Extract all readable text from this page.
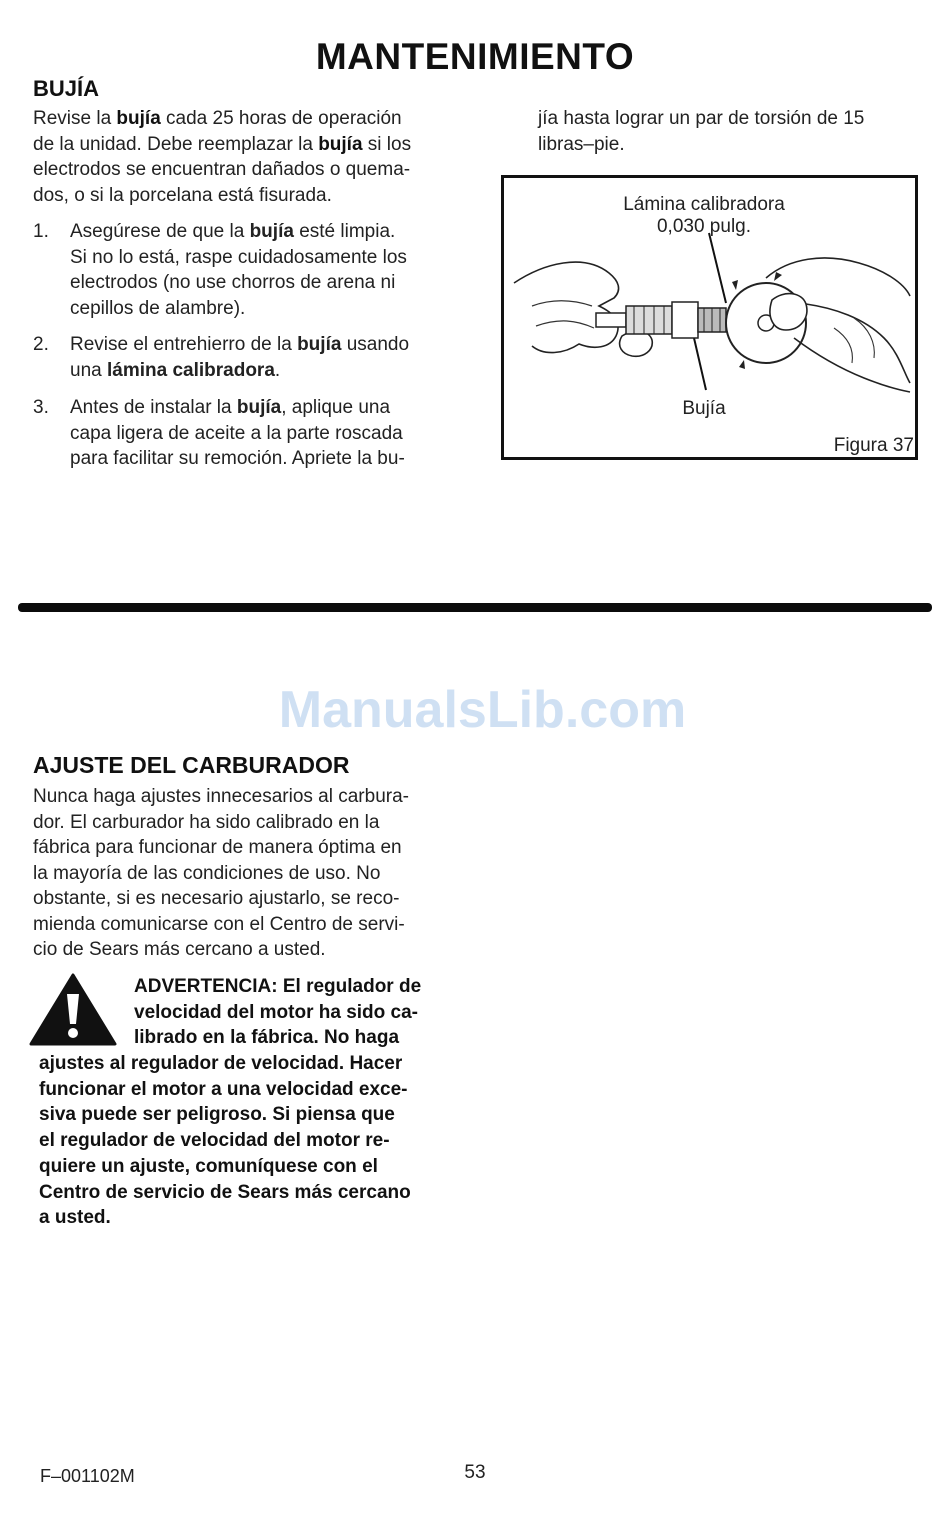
MANTENIMIENTO
BUJÍA
Revise la bujía cada 25 horas de operación
de la unidad. Debe reemplazar la bujía si los
electrodos se encuentran dañados o quema-
dos, o si la porcelana está fisurada.
1. Asegúrese de que la bujía esté limpia.
Si no lo está, raspe cuidadosamente los
electrodos (no use chorros de arena ni
cepillos de alambre).
2. Revise el entrehierro de la bujía usando
una lámina calibradora.
3. Antes de instalar la bujía, aplique una
capa ligera de aceite a la parte roscada
para facilitar su remoción. Apriete la bu-
jía hasta lograr un par de torsión de 15
libras–pie.
Lámina calibradora
0,030 pulg.
Bujía
Figura 37
ManualsLib.com
AJUSTE DEL CARBURADOR
Nunca haga ajustes innecesarios al carbura-
dor. El carburador ha sido calibrado en la
fábrica para funcionar de manera óptima en
la mayoría de las condiciones de uso. No
obstante, si es necesario ajustarlo, se reco-
mienda comunicarse con el Centro de servi-
cio de Sears más cercano a usted.
ADVERTENCIA: El regulador de
velocidad del motor ha sido ca-
librado en la fábrica. No haga
ajustes al regulador de velocidad. Hacer
funcionar el motor a una velocidad exce-
siva puede ser peligroso. Si piensa que
el regulador de velocidad del motor re-
quiere un ajuste, comuníquese con el
Centro de servicio de Sears más cercano
a usted.
F–001102M	53
